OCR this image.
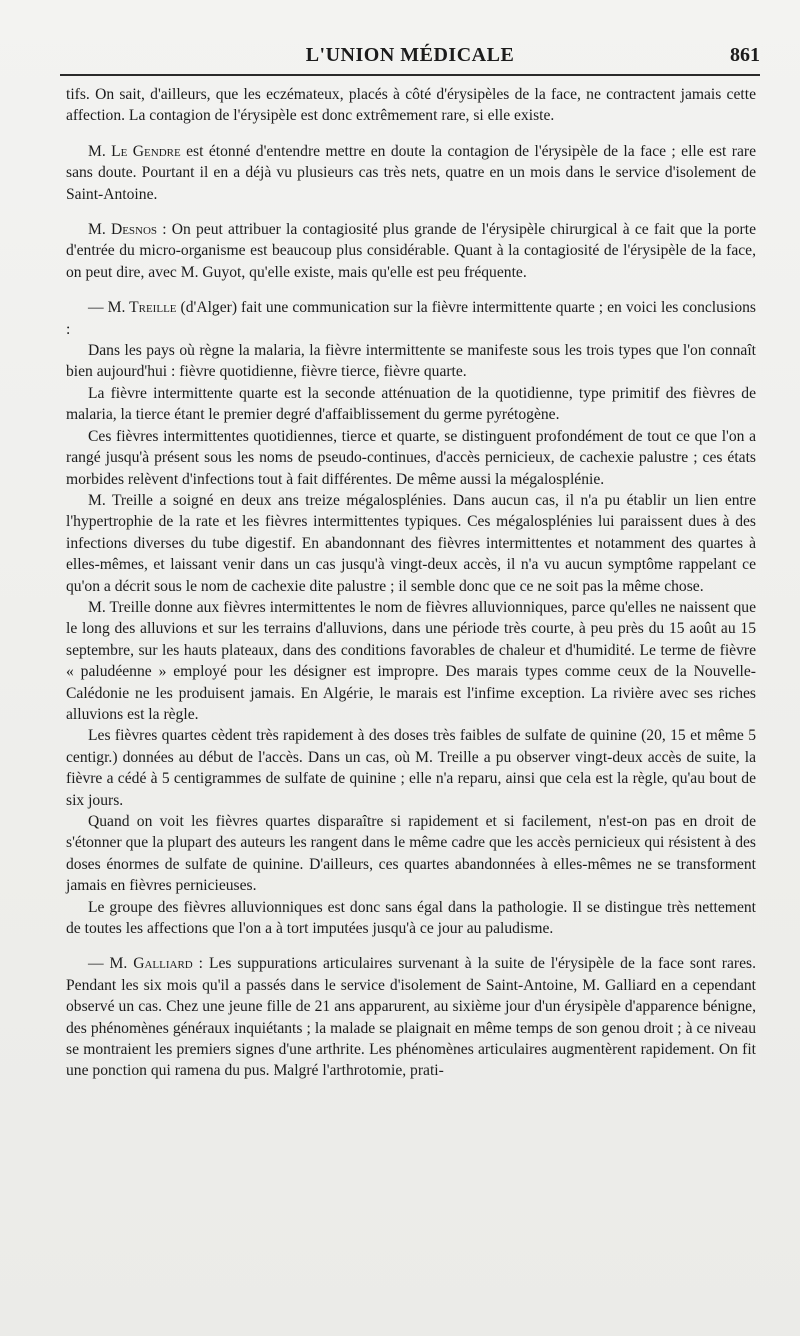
L'UNION MÉDICALE	861

tifs. On sait, d'ailleurs, que les eczémateux, placés à côté d'érysipèles de la face, ne contractent jamais cette affection. La contagion de l'érysipèle est donc extrêmement rare, si elle existe.

M. Le Gendre est étonné d'entendre mettre en doute la contagion de l'érysipèle de la face ; elle est rare sans doute. Pourtant il en a déjà vu plusieurs cas très nets, quatre en un mois dans le service d'isolement de Saint-Antoine.

M. Desnos : On peut attribuer la contagiosité plus grande de l'érysipèle chirurgical à ce fait que la porte d'entrée du micro-organisme est beaucoup plus considérable. Quant à la contagiosité de l'érysipèle de la face, on peut dire, avec M. Guyot, qu'elle existe, mais qu'elle est peu fréquente.

— M. Treille (d'Alger) fait une communication sur la fièvre intermittente quarte ; en voici les conclusions :

Dans les pays où règne la malaria, la fièvre intermittente se manifeste sous les trois types que l'on connaît bien aujourd'hui : fièvre quotidienne, fièvre tierce, fièvre quarte.

La fièvre intermittente quarte est la seconde atténuation de la quotidienne, type primitif des fièvres de malaria, la tierce étant le premier degré d'affaiblissement du germe pyrétogène.

Ces fièvres intermittentes quotidiennes, tierce et quarte, se distinguent profondément de tout ce que l'on a rangé jusqu'à présent sous les noms de pseudo-continues, d'accès pernicieux, de cachexie palustre ; ces états morbides relèvent d'infections tout à fait différentes. De même aussi la mégalosplénie.

M. Treille a soigné en deux ans treize mégalosplénies. Dans aucun cas, il n'a pu établir un lien entre l'hypertrophie de la rate et les fièvres intermittentes typiques. Ces mégalosplénies lui paraissent dues à des infections diverses du tube digestif. En abandonnant des fièvres intermittentes et notamment des quartes à elles-mêmes, et laissant venir dans un cas jusqu'à vingt-deux accès, il n'a vu aucun symptôme rappelant ce qu'on a décrit sous le nom de cachexie dite palustre ; il semble donc que ce ne soit pas la même chose.

M. Treille donne aux fièvres intermittentes le nom de fièvres alluvionniques, parce qu'elles ne naissent que le long des alluvions et sur les terrains d'alluvions, dans une période très courte, à peu près du 15 août au 15 septembre, sur les hauts plateaux, dans des conditions favorables de chaleur et d'humidité. Le terme de fièvre « paludéenne » employé pour les désigner est impropre. Des marais types comme ceux de la Nouvelle-Calédonie ne les produisent jamais. En Algérie, le marais est l'infime exception. La rivière avec ses riches alluvions est la règle.

Les fièvres quartes cèdent très rapidement à des doses très faibles de sulfate de quinine (20, 15 et même 5 centigr.) données au début de l'accès. Dans un cas, où M. Treille a pu observer vingt-deux accès de suite, la fièvre a cédé à 5 centigrammes de sulfate de quinine ; elle n'a reparu, ainsi que cela est la règle, qu'au bout de six jours.

Quand on voit les fièvres quartes disparaître si rapidement et si facilement, n'est-on pas en droit de s'étonner que la plupart des auteurs les rangent dans le même cadre que les accès pernicieux qui résistent à des doses énormes de sulfate de quinine. D'ailleurs, ces quartes abandonnées à elles-mêmes ne se transforment jamais en fièvres pernicieuses.

Le groupe des fièvres alluvionniques est donc sans égal dans la pathologie. Il se distingue très nettement de toutes les affections que l'on a à tort imputées jusqu'à ce jour au paludisme.

— M. Galliard : Les suppurations articulaires survenant à la suite de l'érysipèle de la face sont rares. Pendant les six mois qu'il a passés dans le service d'isolement de Saint-Antoine, M. Galliard en a cependant observé un cas. Chez une jeune fille de 21 ans apparurent, au sixième jour d'un érysipèle d'apparence bénigne, des phénomènes généraux inquiétants ; la malade se plaignait en même temps de son genou droit ; à ce niveau se montraient les premiers signes d'une arthrite. Les phénomènes articulaires augmentèrent rapidement. On fit une ponction qui ramena du pus. Malgré l'arthrotomie, prati-
